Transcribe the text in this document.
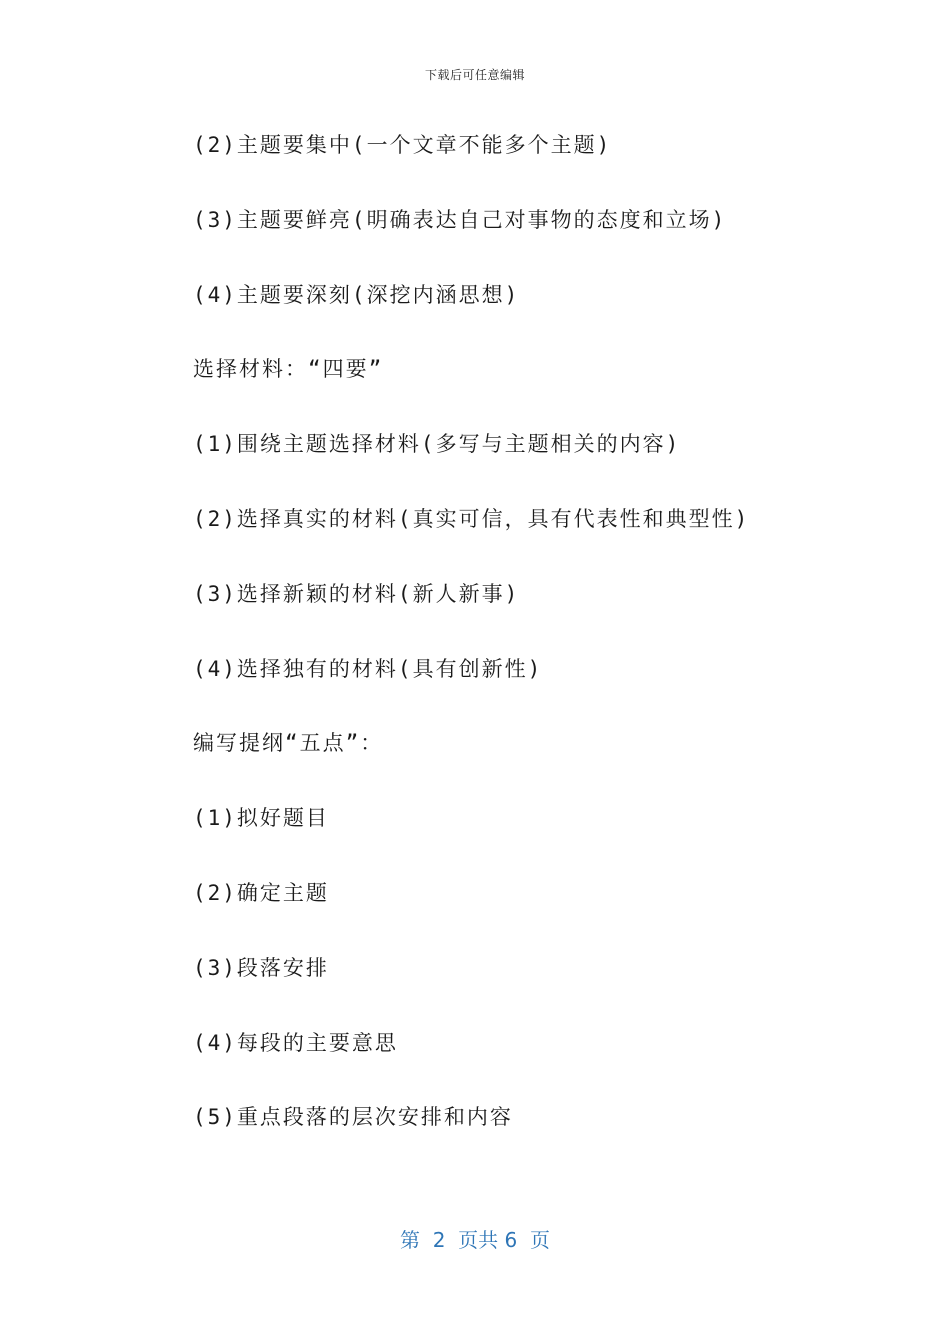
下载后可任意编辑
(2)主题要集中(一个文章不能多个主题)
(3)主题要鲜亮(明确表达自己对事物的态度和立场)
(4)主题要深刻(深挖内涵思想)
选择材料：“四要”
(1)围绕主题选择材料(多写与主题相关的内容)
(2)选择真实的材料(真实可信，具有代表性和典型性)
(3)选择新颖的材料(新人新事)
(4)选择独有的材料(具有创新性)
编写提纲“五点”：
(1)拟好题目
(2)确定主题
(3)段落安排
(4)每段的主要意思
(5)重点段落的层次安排和内容
第  2  页共 6  页
